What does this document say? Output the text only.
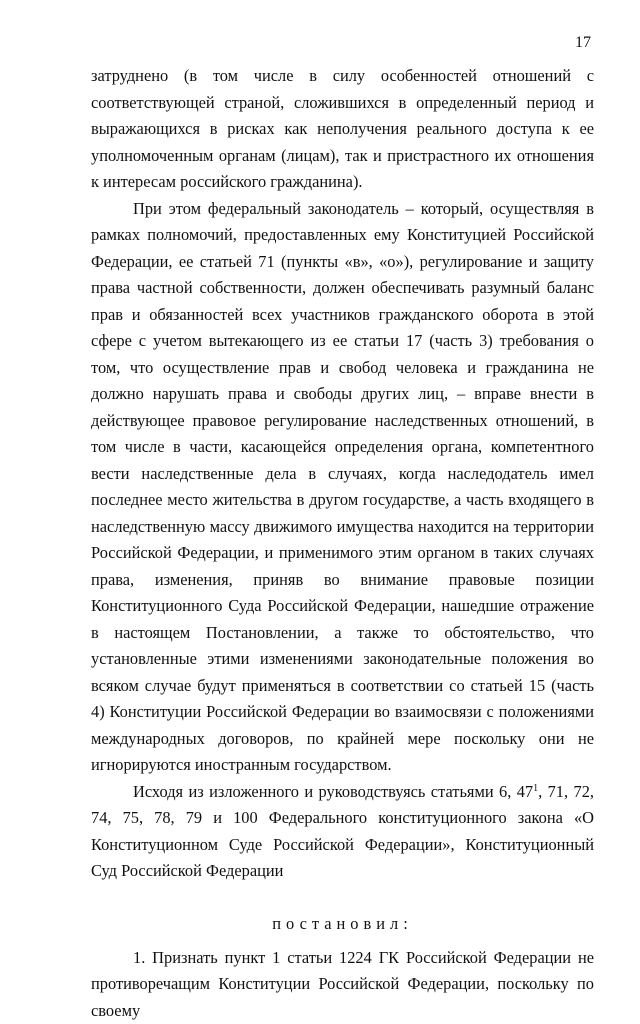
17

затруднено (в том числе в силу особенностей отношений с соответствующей страной, сложившихся в определенный период и выражающихся в рисках как неполучения реального доступа к ее уполномоченным органам (лицам), так и пристрастного их отношения к интересам российского гражданина).

При этом федеральный законодатель – который, осуществляя в рамках полномочий, предоставленных ему Конституцией Российской Федерации, ее статьей 71 (пункты «в», «о»), регулирование и защиту права частной собственности, должен обеспечивать разумный баланс прав и обязанностей всех участников гражданского оборота в этой сфере с учетом вытекающего из ее статьи 17 (часть 3) требования о том, что осуществление прав и свобод человека и гражданина не должно нарушать права и свободы других лиц, – вправе внести в действующее правовое регулирование наследственных отношений, в том числе в части, касающейся определения органа, компетентного вести наследственные дела в случаях, когда наследодатель имел последнее место жительства в другом государстве, а часть входящего в наследственную массу движимого имущества находится на территории Российской Федерации, и применимого этим органом в таких случаях права, изменения, приняв во внимание правовые позиции Конституционного Суда Российской Федерации, нашедшие отражение в настоящем Постановлении, а также то обстоятельство, что установленные этими изменениями законодательные положения во всяком случае будут применяться в соответствии со статьей 15 (часть 4) Конституции Российской Федерации во взаимосвязи с положениями международных договоров, по крайней мере поскольку они не игнорируются иностранным государством.

Исходя из изложенного и руководствуясь статьями 6, $47^1$, 71, 72, 74, 75, 78, 79 и 100 Федерального конституционного закона «О Конституционном Суде Российской Федерации», Конституционный Суд Российской Федерации

постановил:

1. Признать пункт 1 статьи 1224 ГК Российской Федерации не противоречащим Конституции Российской Федерации, поскольку по своему
